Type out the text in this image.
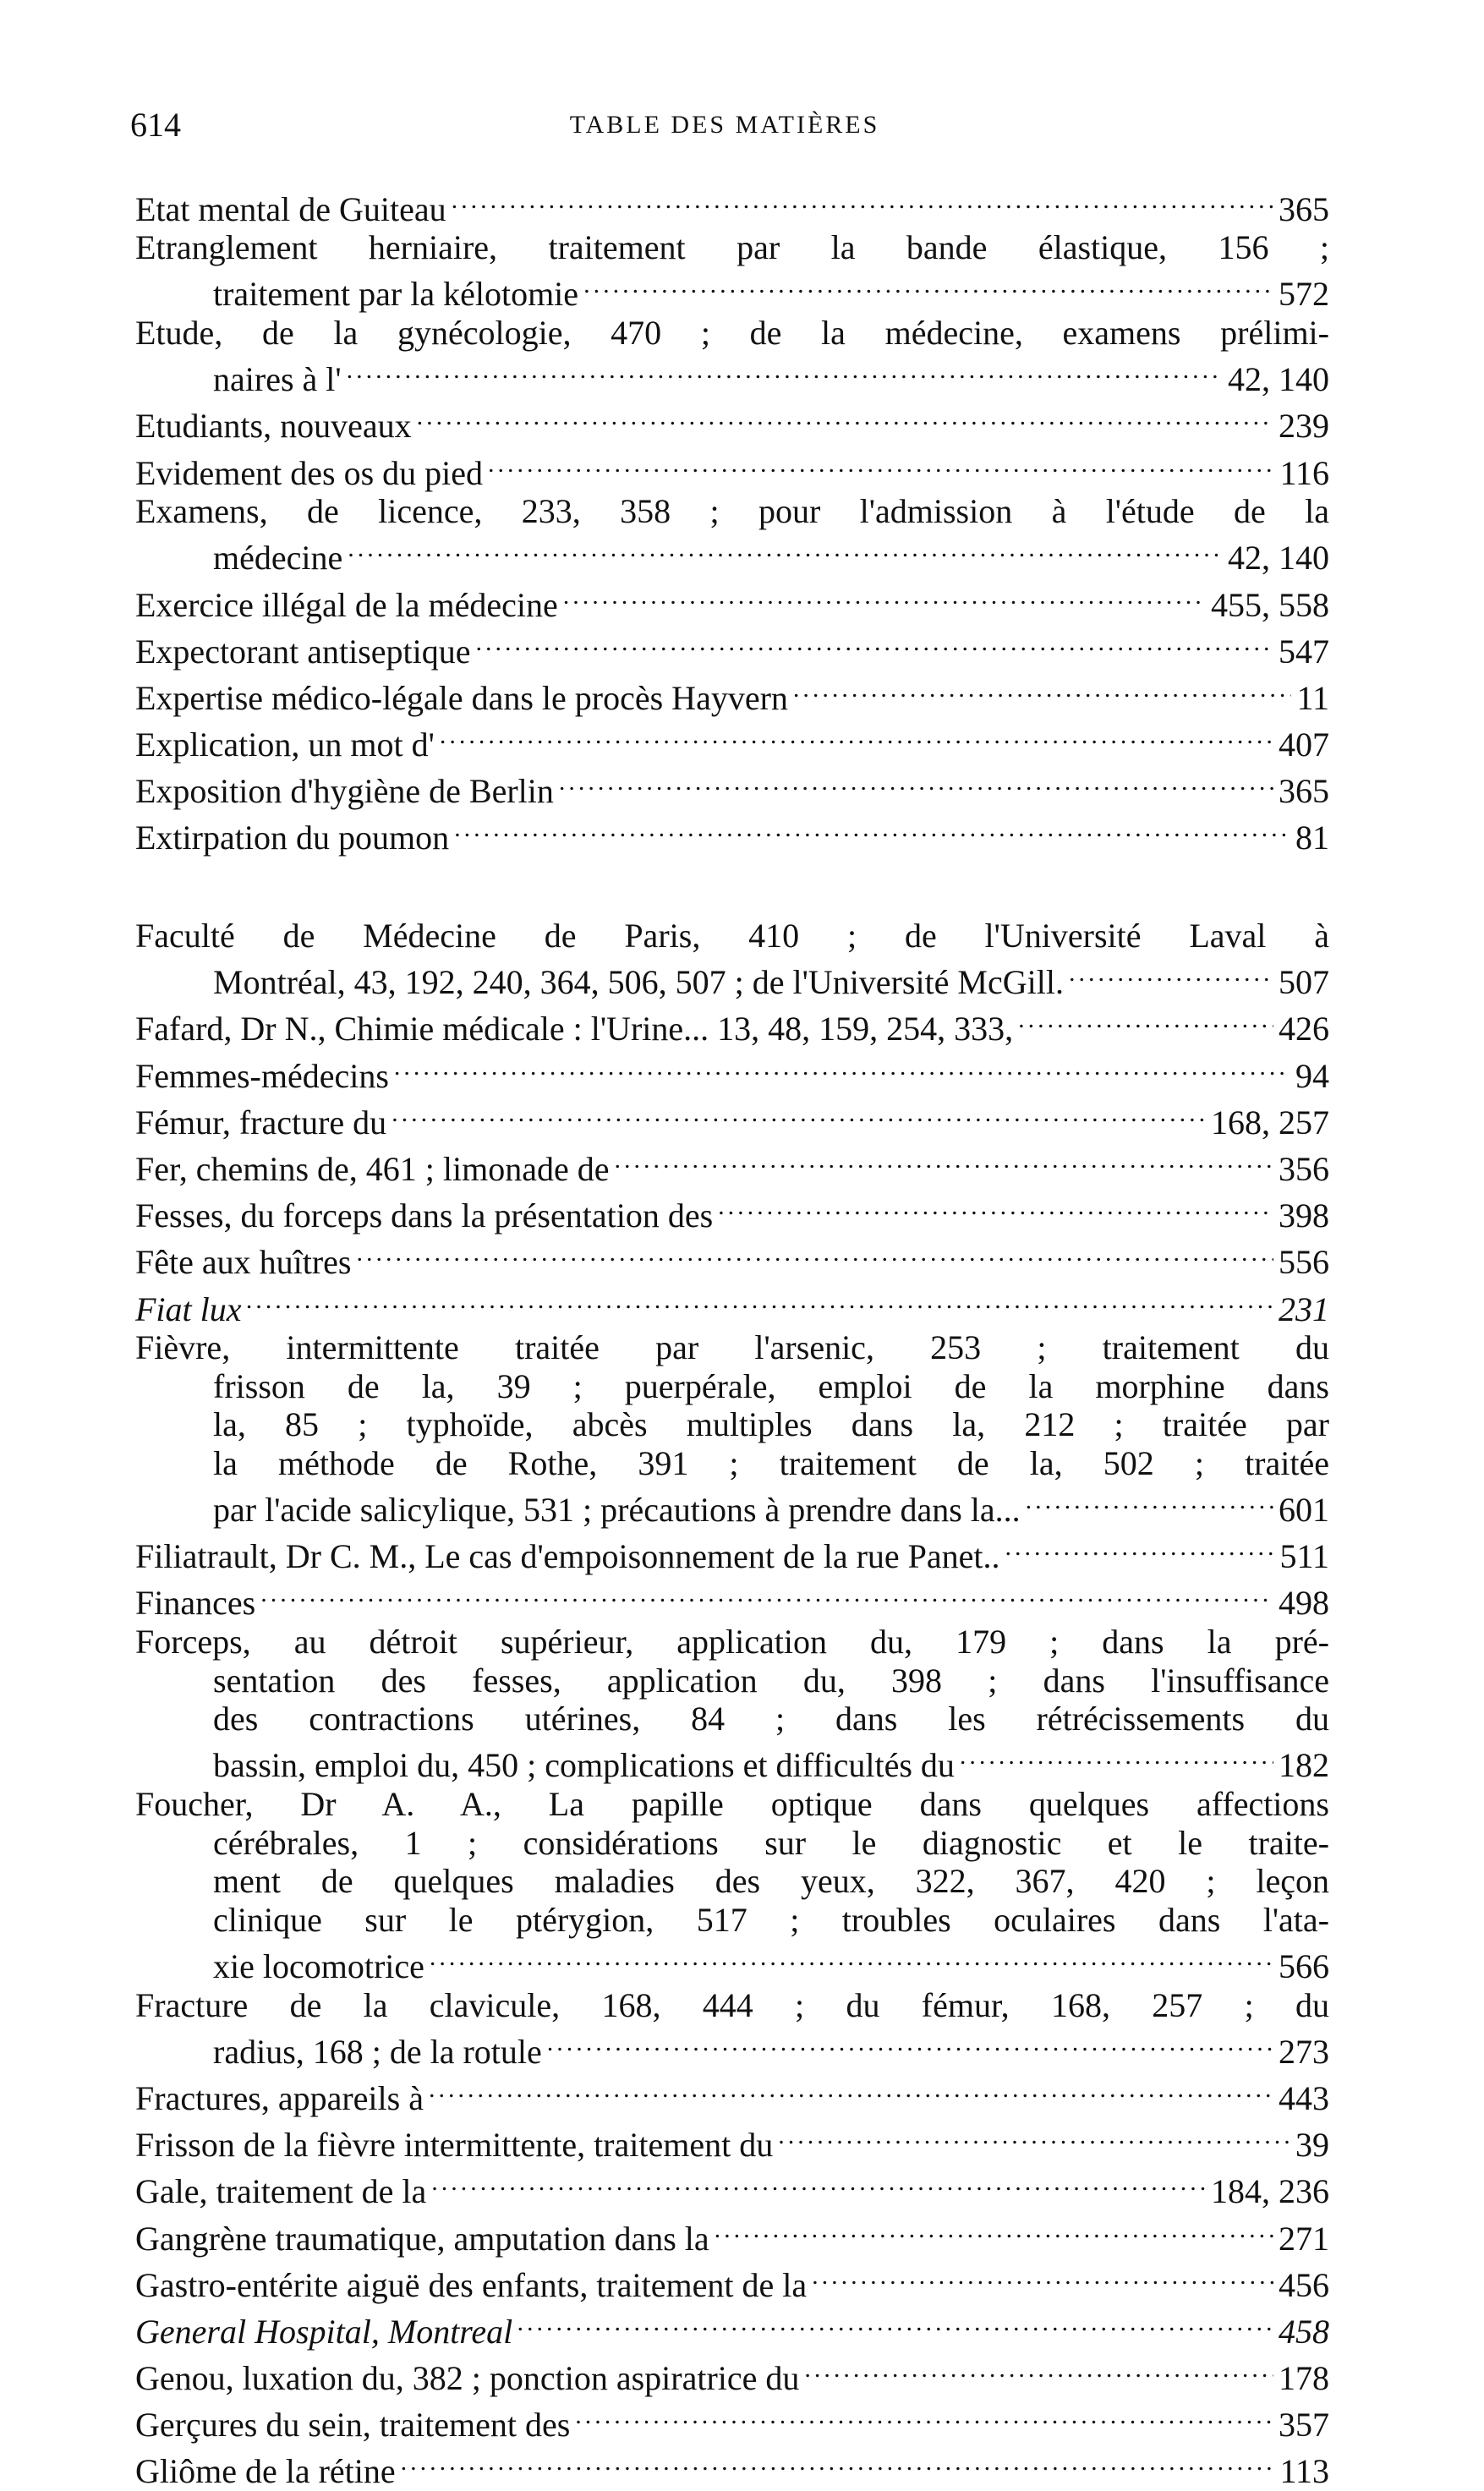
614	TABLE DES MATIÈRES
Etat mental de Guiteau .....	365
Etranglement herniaire, traitement par la bande élastique, 156 ;
traitement par la kélotomie .....	572
Etude, de la gynécologie, 470 ; de la médecine, examens prélimi-
naires à l' .....	42, 140
Etudiants, nouveaux .....	239
Evidement des os du pied .....	116
Examens, de licence, 233, 358 ; pour l'admission à l'étude de la
médecine .....	42, 140
Exercice illégal de la médecine .....	455, 558
Expectorant antiseptique .....	547
Expertise médico-légale dans le procès Hayvern .....	11
Explication, un mot d' .....	407
Exposition d'hygiène de Berlin .....	365
Extirpation du poumon .....	81
Faculté de Médecine de Paris, 410 ; de l'Université Laval à
Montréal, 43, 192, 240, 364, 506, 507 ; de l'Université McGill. .....	507
Fafard, Dr N., Chimie médicale : l'Urine... 13, 48, 159, 254, 333, .....	426
Femmes-médecins .....	94
Fémur, fracture du .....	168, 257
Fer, chemins de, 461 ; limonade de .....	356
Fesses, du forceps dans la présentation des .....	398
Fête aux huîtres .....	556
Fiat lux .....	231
Fièvre, intermittente traitée par l'arsenic, 253 ; traitement du
frisson de la, 39 ; puerpérale, emploi de la morphine dans
la, 85 ; typhoïde, abcès multiples dans la, 212 ; traitée par
la méthode de Rothe, 391 ; traitement de la, 502 ; traitée
par l'acide salicylique, 531 ; précautions à prendre dans la... .....	601
Filiatrault, Dr C. M., Le cas d'empoisonnement de la rue Panet.. .....	511
Finances .....	498
Forceps, au détroit supérieur, application du, 179 ; dans la pré-
sentation des fesses, application du, 398 ; dans l'insuffisance
des contractions utérines, 84 ; dans les rétrécissements du
bassin, emploi du, 450 ; complications et difficultés du .....	182
Foucher, Dr A. A., La papille optique dans quelques affections
cérébrales, 1 ; considérations sur le diagnostic et le traite-
ment de quelques maladies des yeux, 322, 367, 420 ; leçon
clinique sur le ptérygion, 517 ; troubles oculaires dans l'ata-
xie locomotrice .....	566
Fracture de la clavicule, 168, 444 ; du fémur, 168, 257 ; du
radius, 168 ; de la rotule .....	273
Fractures, appareils à .....	443
Frisson de la fièvre intermittente, traitement du .....	39
Gale, traitement de la .....	184, 236
Gangrène traumatique, amputation dans la .....	271
Gastro-entérite aiguë des enfants, traitement de la .....	456
General Hospital, Montreal .....	458
Genou, luxation du, 382 ; ponction aspiratrice du .....	178
Gerçures du sein, traitement des .....	357
Gliôme de la rétine .....	113
